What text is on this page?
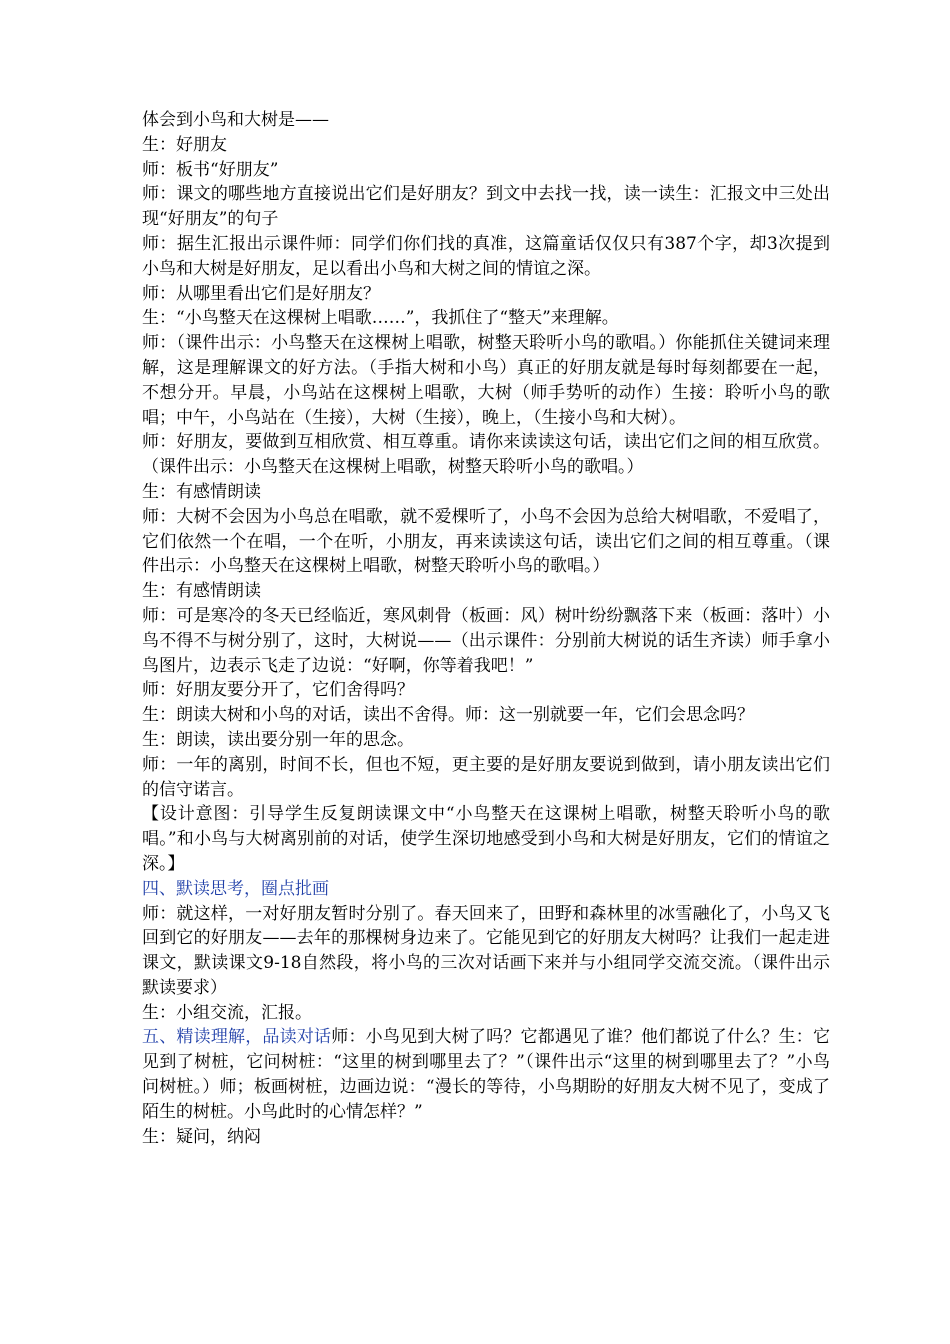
体会到小鸟和大树是——

生：好朋友

师：板书“好朋友”

师：课文的哪些地方直接说出它们是好朋友？到文中去找一找，读一读生：汇报文中三处出现“好朋友”的句子

师：据生汇报出示课件师：同学们你们找的真准，这篇童话仅仅只有387个字，却3次提到小鸟和大树是好朋友，足以看出小鸟和大树之间的情谊之深。

师：从哪里看出它们是好朋友？

生：“小鸟整天在这棵树上唱歌……”，我抓住了“整天”来理解。

师：（课件出示：小鸟整天在这棵树上唱歌，树整天聆听小鸟的歌唱。）你能抓住关键词来理解，这是理解课文的好方法。（手指大树和小鸟）真正的好朋友就是每时每刻都要在一起，不想分开。早晨，小鸟站在这棵树上唱歌，大树（师手势听的动作）生接：聆听小鸟的歌唱；中午，小鸟站在（生接），大树（生接），晚上，（生接小鸟和大树）。

师：好朋友，要做到互相欣赏、相互尊重。请你来读读这句话，读出它们之间的相互欣赏。（课件出示：小鸟整天在这棵树上唱歌，树整天聆听小鸟的歌唱。）

生：有感情朗读

师：大树不会因为小鸟总在唱歌，就不爱棵听了，小鸟不会因为总给大树唱歌，不爱唱了，它们依然一个在唱，一个在听，小朋友，再来读读这句话，读出它们之间的相互尊重。（课件出示：小鸟整天在这棵树上唱歌，树整天聆听小鸟的歌唱。）

生：有感情朗读

师：可是寒冷的冬天已经临近，寒风刺骨（板画：风）树叶纷纷飘落下来（板画：落叶）小鸟不得不与树分别了，这时，大树说——（出示课件：分别前大树说的话生齐读）师手拿小鸟图片，边表示飞走了边说：“好啊，你等着我吧！”

师：好朋友要分开了，它们舍得吗？

生：朗读大树和小鸟的对话，读出不舍得。师：这一别就要一年，它们会思念吗？

生：朗读，读出要分别一年的思念。

师：一年的离别，时间不长，但也不短，更主要的是好朋友要说到做到，请小朋友读出它们的信守诺言。

【设计意图：引导学生反复朗读课文中“小鸟整天在这课树上唱歌，树整天聆听小鸟的歌唱。”和小鸟与大树离别前的对话，使学生深切地感受到小鸟和大树是好朋友，它们的情谊之深。】

四、默读思考，圈点批画

师：就这样，一对好朋友暂时分别了。春天回来了，田野和森林里的冰雪融化了，小鸟又飞回到它的好朋友——去年的那棵树身边来了。它能见到它的好朋友大树吗？让我们一起走进课文，默读课文9-18自然段，将小鸟的三次对话画下来并与小组同学交流交流。（课件出示默读要求）

生：小组交流，汇报。

五、精读理解，品读对话师：小鸟见到大树了吗？它都遇见了谁？他们都说了什么？生：它见到了树桩，它问树桩：“这里的树到哪里去了？”（课件出示“这里的树到哪里去了？”小鸟问树桩。）师；板画树桩，边画边说：“漫长的等待，小鸟期盼的好朋友大树不见了，变成了陌生的树桩。小鸟此时的心情怎样？”

生：疑问，纳闷
